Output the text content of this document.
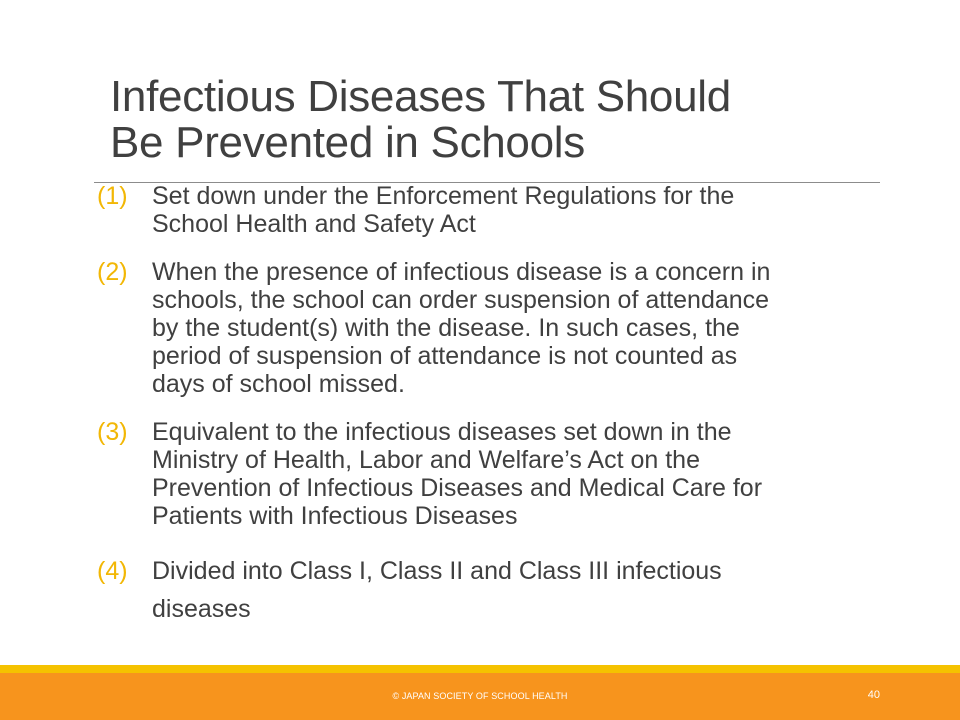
Infectious Diseases That Should
Be Prevented in Schools
(1) Set down under the Enforcement Regulations for the
School Health and Safety Act
(2) When the presence of infectious disease is a concern in
schools, the school can order suspension of attendance
by the student(s) with the disease. In such cases, the
period of suspension of attendance is not counted as
days of school missed.
(3) Equivalent to the infectious diseases set down in the
Ministry of Health, Labor and Welfare’s Act on the
Prevention of Infectious Diseases and Medical Care for
Patients with Infectious Diseases
(4) Divided into Class I, Class II and Class III infectious
diseases
© JAPAN SOCIETY OF SCHOOL HEALTH	40
